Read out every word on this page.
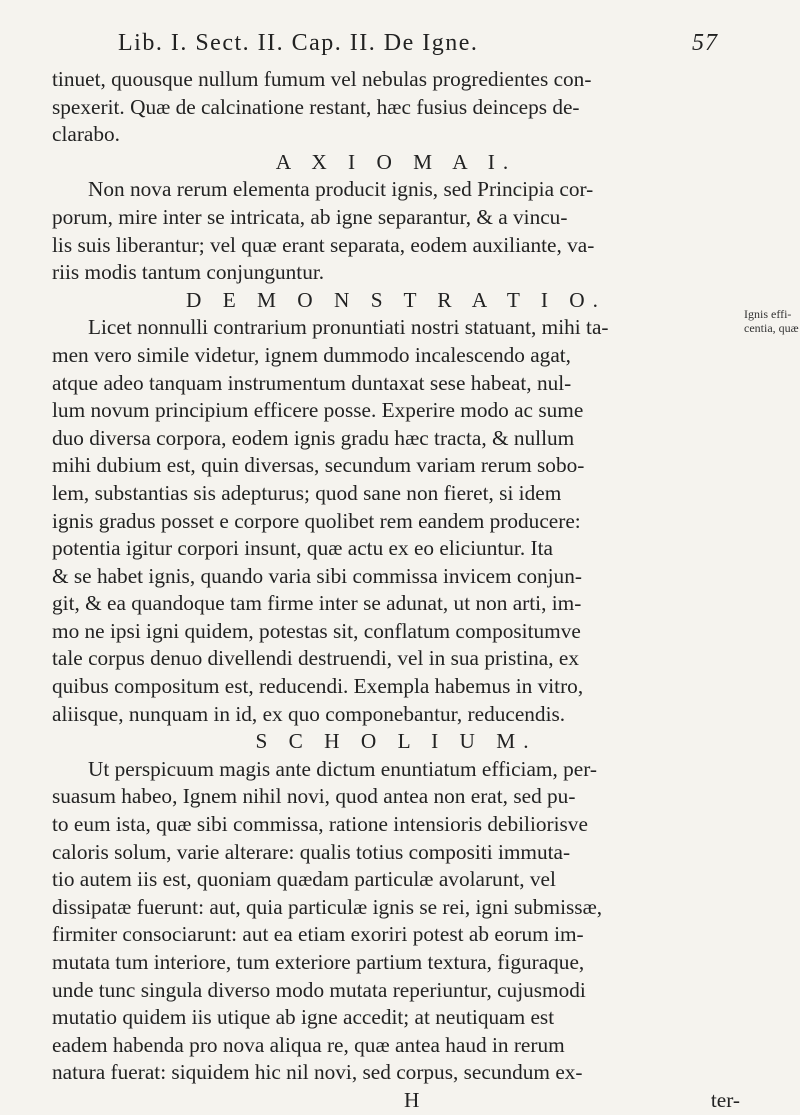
Lib. I. Sect. II. Cap. II. De Igne.	57
tinuet, quousque nullum fumum vel nebulas progredientes con-
spexerit. Quæ de calcinatione restant, hæc fusius deinceps de-
clarabo.
A X I O M A I.
Non nova rerum elementa producit ignis, sed Principia cor-
porum, mire inter se intricata, ab igne separantur, & a vincu-
lis suis liberantur; vel quæ erant separata, eodem auxiliante, va-
riis modis tantum conjunguntur.
D E M O N S T R A T I O.
Licet nonnulli contrarium pronuntiati nostri statuant, mihi ta-
men vero simile videtur, ignem dummodo incalescendo agat,
atque adeo tanquam instrumentum duntaxat sese habeat, nul-
lum novum principium efficere posse. Experire modo ac sume
duo diversa corpora, eodem ignis gradu hæc tracta, & nullum
mihi dubium est, quin diversas, secundum variam rerum sobo-
lem, substantias sis adepturus; quod sane non fieret, si idem
ignis gradus posset e corpore quolibet rem eandem producere:
potentia igitur corpori insunt, quæ actu ex eo eliciuntur. Ita
& se habet ignis, quando varia sibi commissa invicem conjun-
git, & ea quandoque tam firme inter se adunat, ut non arti, im-
mo ne ipsi igni quidem, potestas sit, conflatum compositumve
tale corpus denuo divellendi destruendi, vel in sua pristina, ex
quibus compositum est, reducendi. Exempla habemus in vitro,
aliisque, nunquam in id, ex quo componebantur, reducendis.
S C H O L I U M.
Ut perspicuum magis ante dictum enuntiatum efficiam, per-
suasum habeo, Ignem nihil novi, quod antea non erat, sed pu-
to eum ista, quæ sibi commissa, ratione intensioris debiliorisve
caloris solum, varie alterare: qualis totius compositi immuta-
tio autem iis est, quoniam quædam particulæ avolarunt, vel
dissipatæ fuerunt: aut, quia particulæ ignis se rei, igni submissæ,
firmiter consociarunt: aut ea etiam exoriri potest ab eorum im-
mutata tum interiore, tum exteriore partium textura, figuraque,
unde tunc singula diverso modo mutata reperiuntur, cujusmodi
mutatio quidem iis utique ab igne accedit; at neutiquam est
eadem habenda pro nova aliqua re, quæ antea haud in rerum
natura fuerat: siquidem hic nil novi, sed corpus, secundum ex-
H	ter-
Ignis effi- centia, quæ
